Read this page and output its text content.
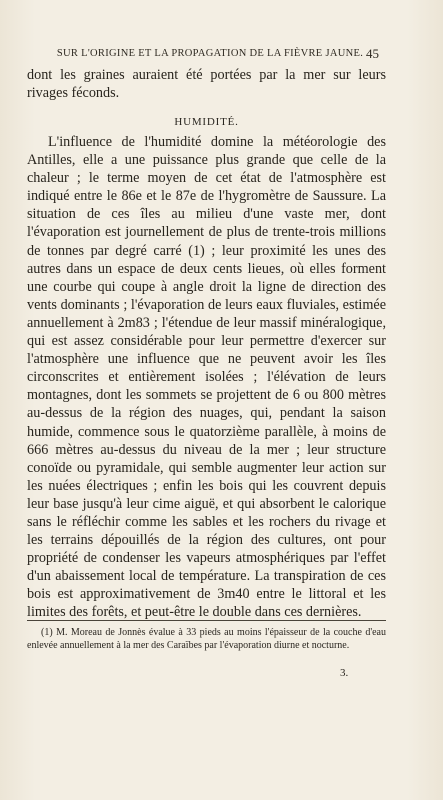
SUR L'ORIGINE ET LA PROPAGATION DE LA FIÈVRE JAUNE. 45
dont les graines auraient été portées par la mer sur leurs rivages féconds.
HUMIDITÉ.
L'influence de l'humidité domine la météorologie des Antilles, elle a une puissance plus grande que celle de la chaleur ; le terme moyen de cet état de l'atmosphère est indiqué entre le 86e et le 87e de l'hygromètre de Saussure. La situation de ces îles au milieu d'une vaste mer, dont l'évaporation est journellement de plus de trente-trois millions de tonnes par degré carré (1) ; leur proximité les unes des autres dans un espace de deux cents lieues, où elles forment une courbe qui coupe à angle droit la ligne de direction des vents dominants ; l'évaporation de leurs eaux fluviales, estimée annuellement à 2m83 ; l'étendue de leur massif minéralogique, qui est assez considérable pour leur permettre d'exercer sur l'atmosphère une influence que ne peuvent avoir les îles circonscrites et entièrement isolées ; l'élévation de leurs montagnes, dont les sommets se projettent de 6 ou 800 mètres au-dessus de la région des nuages, qui, pendant la saison humide, commence sous le quatorzième parallèle, à moins de 666 mètres au-dessus du niveau de la mer ; leur structure conoïde ou pyramidale, qui semble augmenter leur action sur les nuées électriques ; enfin les bois qui les couvrent depuis leur base jusqu'à leur cime aiguë, et qui absorbent le calorique sans le réfléchir comme les sables et les rochers du rivage et les terrains dépouillés de la région des cultures, ont pour propriété de condenser les vapeurs atmosphériques par l'effet d'un abaissement local de température. La transpiration de ces bois est approximativement de 3m40 entre le littoral et les limites des forêts, et peut-être le double dans ces dernières.
(1) M. Moreau de Jonnès évalue à 33 pieds au moins l'épaisseur de la couche d'eau enlevée annuellement à la mer des Caraïbes par l'évaporation diurne et nocturne.
3.
